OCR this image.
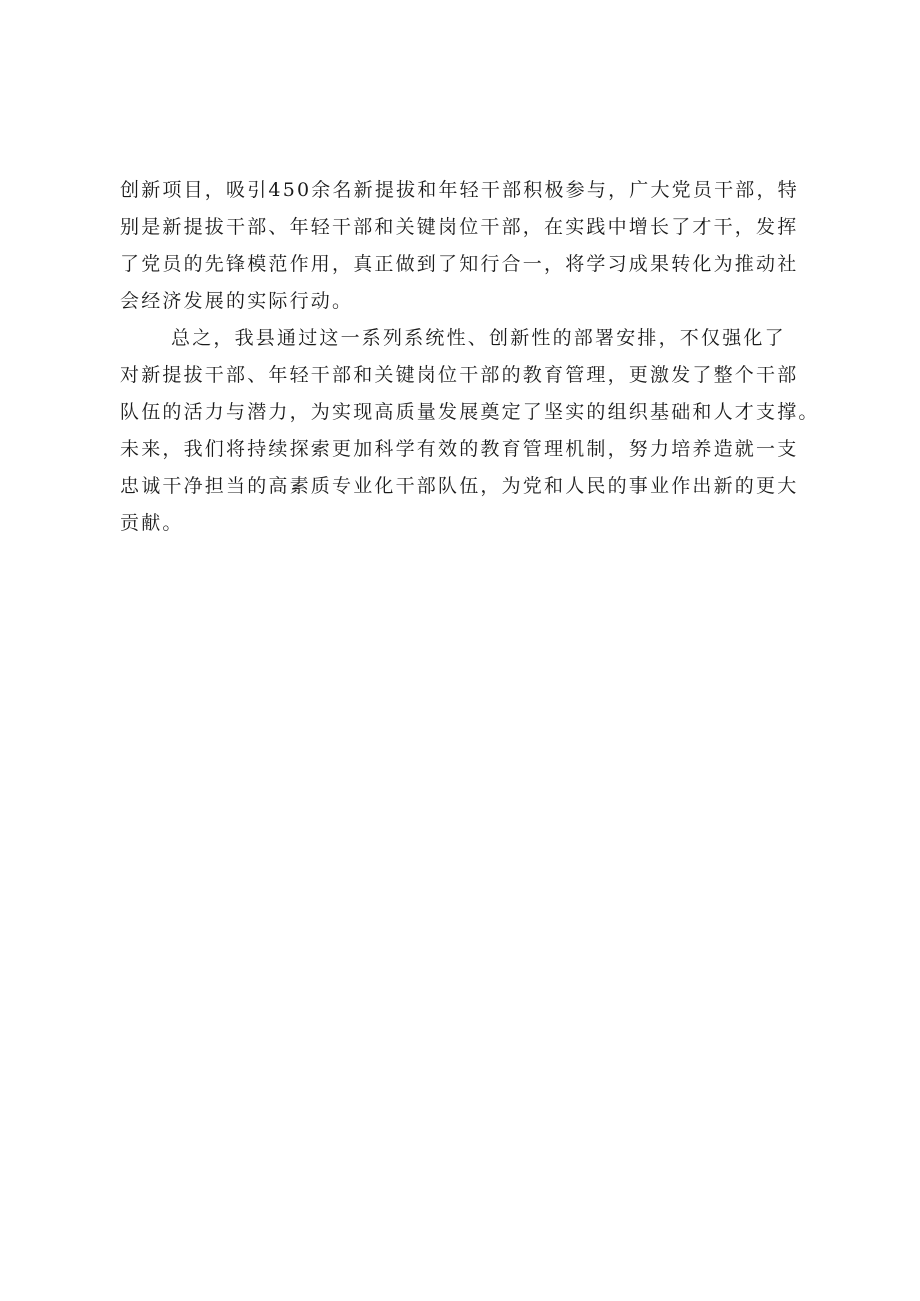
创新项目，吸引450余名新提拔和年轻干部积极参与，广大党员干部，特
别是新提拔干部、年轻干部和关键岗位干部，在实践中增长了才干，发挥
了党员的先锋模范作用，真正做到了知行合一，将学习成果转化为推动社
会经济发展的实际行动。

总之，我县通过这一系列系统性、创新性的部署安排，不仅强化了
对新提拔干部、年轻干部和关键岗位干部的教育管理，更激发了整个干部
队伍的活力与潜力，为实现高质量发展奠定了坚实的组织基础和人才支撑。
未来，我们将持续探索更加科学有效的教育管理机制，努力培养造就一支
忠诚干净担当的高素质专业化干部队伍，为党和人民的事业作出新的更大
贡献。
